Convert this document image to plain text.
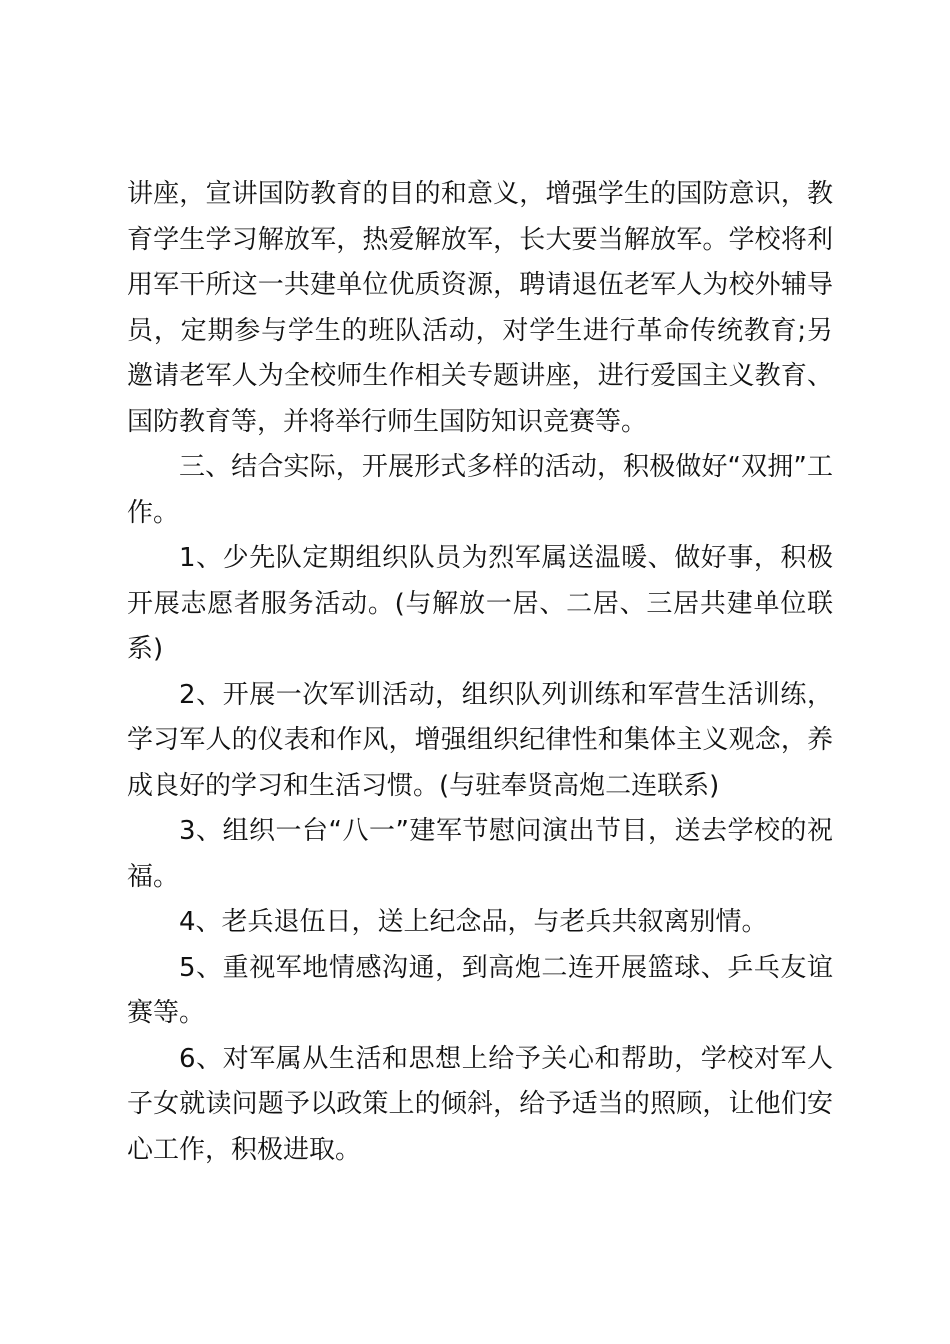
讲座，宣讲国防教育的目的和意义，增强学生的国防意识，教育学生学习解放军，热爱解放军，长大要当解放军。学校将利用军干所这一共建单位优质资源，聘请退伍老军人为校外辅导员，定期参与学生的班队活动，对学生进行革命传统教育;另邀请老军人为全校师生作相关专题讲座，进行爱国主义教育、国防教育等，并将举行师生国防知识竞赛等。

三、结合实际，开展形式多样的活动，积极做好“双拥”工作。

1、少先队定期组织队员为烈军属送温暖、做好事，积极开展志愿者服务活动。(与解放一居、二居、三居共建单位联系)

2、开展一次军训活动，组织队列训练和军营生活训练，学习军人的仪表和作风，增强组织纪律性和集体主义观念，养成良好的学习和生活习惯。(与驻奉贤高炮二连联系)

3、组织一台“八一”建军节慰问演出节目，送去学校的祝福。

4、老兵退伍日，送上纪念品，与老兵共叙离别情。

5、重视军地情感沟通，到高炮二连开展篮球、乒乓友谊赛等。

6、对军属从生活和思想上给予关心和帮助，学校对军人子女就读问题予以政策上的倾斜，给予适当的照顾，让他们安心工作，积极进取。
